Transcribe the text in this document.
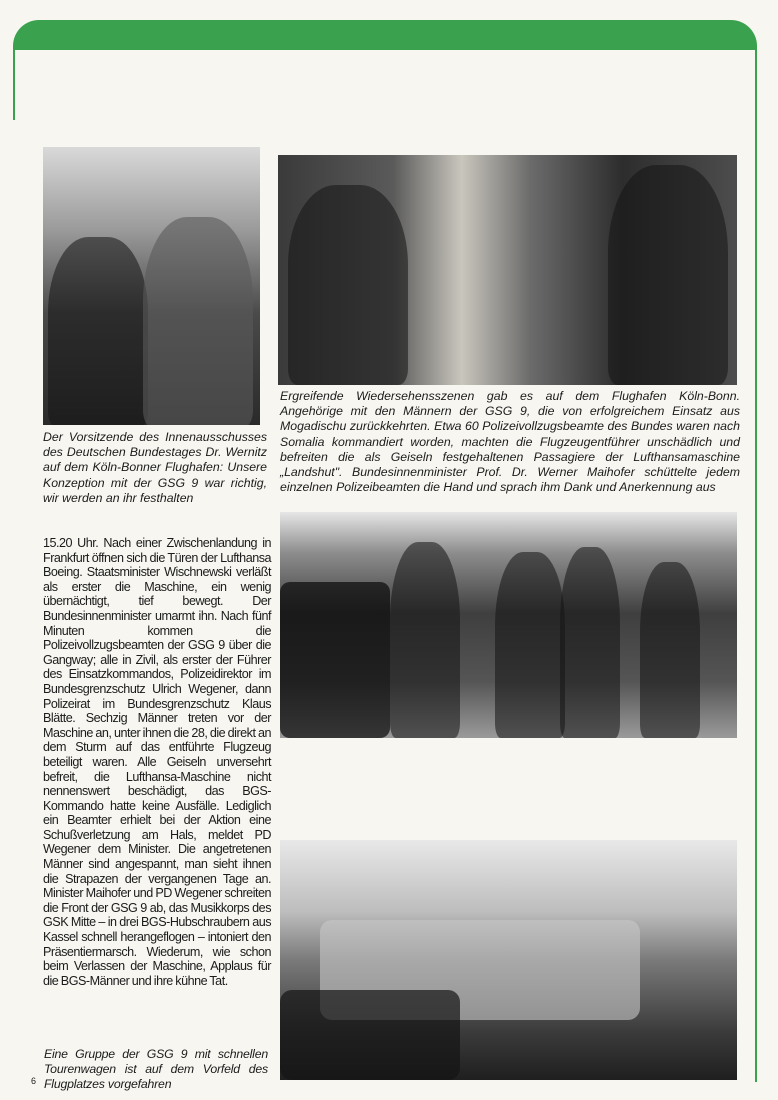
Der Vorsitzende des Innenausschusses des Deutschen Bundestages Dr. Wernitz auf dem Köln-Bonner Flughafen: Unsere Konzeption mit der GSG 9 war richtig, wir werden an ihr festhalten
Ergreifende Wiedersehensszenen gab es auf dem Flughafen Köln-Bonn. Angehörige mit den Männern der GSG 9, die von erfolgreichem Einsatz aus Mogadischu zurückkehrten. Etwa 60 Polizeivollzugsbeamte des Bundes waren nach Somalia kommandiert worden, machten die Flugzeugentführer unschädlich und befreiten die als Geiseln festgehaltenen Passagiere der Lufthansamaschine „Landshut". Bundesinnenminister Prof. Dr. Werner Maihofer schüttelte jedem einzelnen Polizeibeamten die Hand und sprach ihm Dank und Anerkennung aus
15.20 Uhr. Nach einer Zwischenlandung in Frankfurt öffnen sich die Türen der Lufthansa Boeing. Staatsminister Wischnewski verläßt als erster die Maschine, ein wenig übernächtigt, tief bewegt. Der Bundesinnenminister umarmt ihn. Nach fünf Minuten kommen die Polizeivollzugsbeamten der GSG 9 über die Gangway; alle in Zivil, als erster der Führer des Einsatzkommandos, Polizeidirektor im Bundesgrenzschutz Ulrich Wegener, dann Polizeirat im Bundesgrenzschutz Klaus Blätte. Sechzig Männer treten vor der Maschine an, unter ihnen die 28, die direkt an dem Sturm auf das entführte Flugzeug beteiligt waren. Alle Geiseln unversehrt befreit, die Lufthansa-Maschine nicht nennenswert beschädigt, das BGS-Kommando hatte keine Ausfälle. Lediglich ein Beamter erhielt bei der Aktion eine Schußverletzung am Hals, meldet PD Wegener dem Minister. Die angetretenen Männer sind angespannt, man sieht ihnen die Strapazen der vergangenen Tage an. Minister Maihofer und PD Wegener schreiten die Front der GSG 9 ab, das Musikkorps des GSK Mitte – in drei BGS-Hubschraubern aus Kassel schnell herangeflogen – intoniert den Präsentiermarsch. Wiederum, wie schon beim Verlassen der Maschine, Applaus für die BGS-Männer und ihre kühne Tat.
Eine Gruppe der GSG 9 mit schnellen Tourenwagen ist auf dem Vorfeld des Flugplatzes vorgefahren
6
